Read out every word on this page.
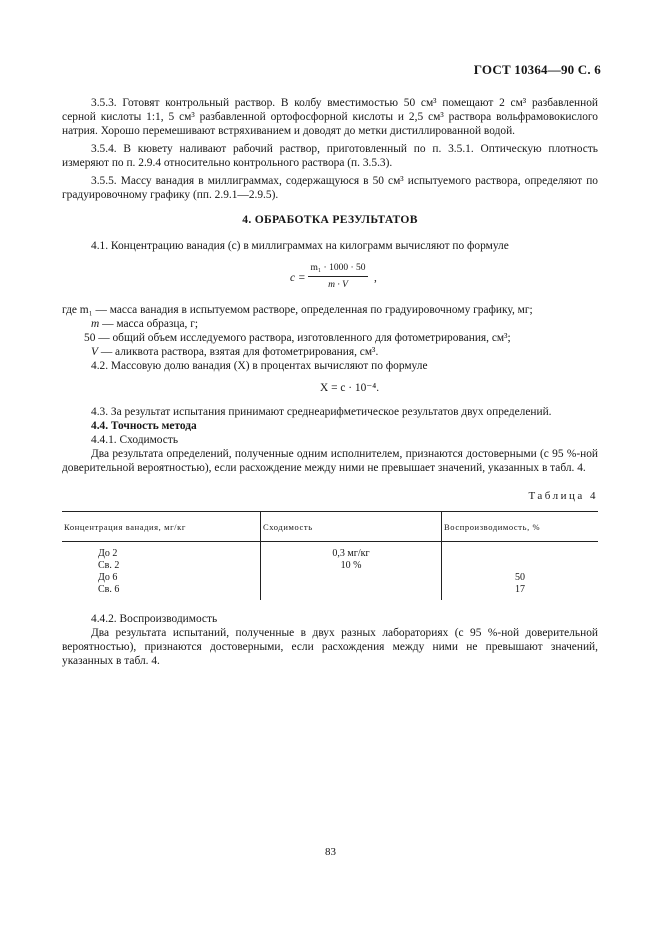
ГОСТ 10364—90 С. 6

3.5.3. Готовят контрольный раствор. В колбу вместимостью 50 см³ помещают 2 см³ разбавленной серной кислоты 1:1, 5 см³ разбавленной ортофосфорной кислоты и 2,5 см³ раствора вольфрамовокислого натрия. Хорошо перемешивают встряхиванием и доводят до метки дистиллированной водой.

3.5.4. В кювету наливают рабочий раствор, приготовленный по п. 3.5.1. Оптическую плотность измеряют по п. 2.9.4 относительно контрольного раствора (п. 3.5.3).

3.5.5. Массу ванадия в миллиграммах, содержащуюся в 50 см³ испытуемого раствора, определяют по градуировочному графику (пп. 2.9.1—2.9.5).

4. ОБРАБОТКА РЕЗУЛЬТАТОВ

4.1. Концентрацию ванадия (c) в миллиграммах на килограмм вычисляют по формуле

c =
m₁ · 1000 · 50
m · V
,

где m₁ — масса ванадия в испытуемом растворе, определенная по градуировочному графику, мг;

m — масса образца, г;

50 — общий объем исследуемого раствора, изготовленного для фотометрирования, см³;

V — аликвота раствора, взятая для фотометрирования, см³.

4.2. Массовую долю ванадия (X) в процентах вычисляют по формуле

X = c · 10⁻⁴.

4.3. За результат испытания принимают среднеарифметическое результатов двух определений.

4.4. Точность метода

4.4.1. Сходимость

Два результата определений, полученные одним исполнителем, признаются достоверными (с 95 %-ной доверительной вероятностью), если расхождение между ними не превышает значений, указанных в табл. 4.

Таблица 4
Концентрация ванадия, мг/кг	Сходимость	Воспроизводимость, %
До 2	0,3 мг/кг	
Св. 2	10 %	
До 6		50
Св. 6		17

4.4.2. Воспроизводимость

Два результата испытаний, полученные в двух разных лабораториях (с 95 %-ной доверительной вероятностью), признаются достоверными, если расхождения между ними не превышают значений, указанных в табл. 4.

83
